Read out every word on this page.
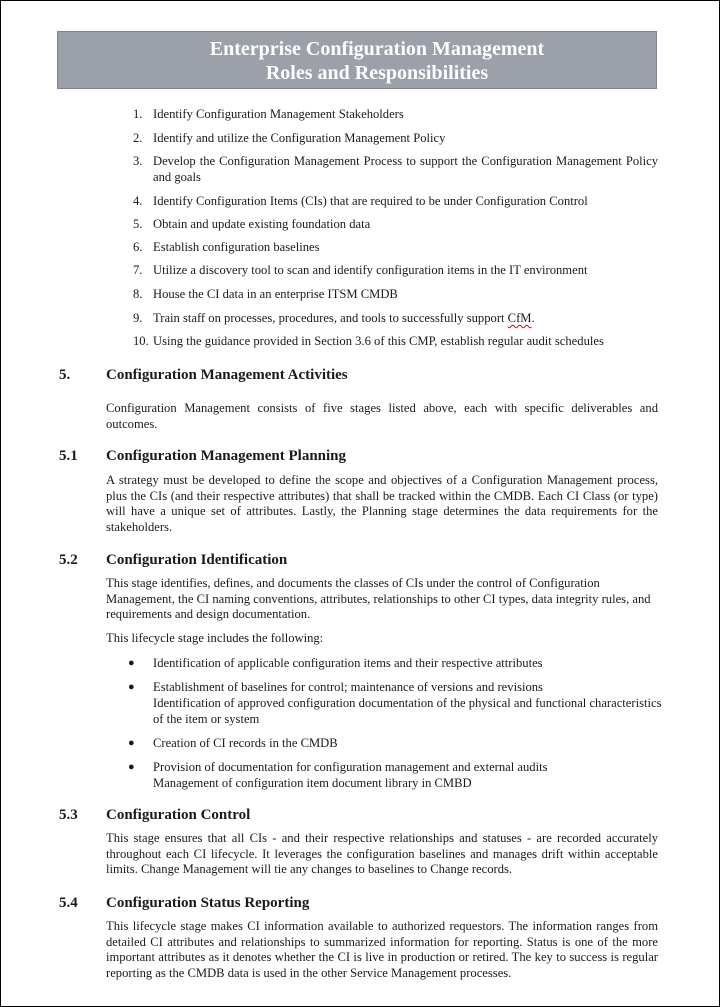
Enterprise Configuration Management
Roles and Responsibilities
1. Identify Configuration Management Stakeholders
2. Identify and utilize the Configuration Management Policy
3. Develop the Configuration Management Process to support the Configuration Management Policy and goals
4. Identify Configuration Items (CIs) that are required to be under Configuration Control
5. Obtain and update existing foundation data
6. Establish configuration baselines
7. Utilize a discovery tool to scan and identify configuration items in the IT environment
8. House the CI data in an enterprise ITSM CMDB
9. Train staff on processes, procedures, and tools to successfully support CfM.
10. Using the guidance provided in Section 3.6 of this CMP, establish regular audit schedules
5.	Configuration Management Activities
Configuration Management consists of five stages listed above, each with specific deliverables and outcomes.
5.1	Configuration Management Planning
A strategy must be developed to define the scope and objectives of a Configuration Management process, plus the CIs (and their respective attributes) that shall be tracked within the CMDB. Each CI Class (or type) will have a unique set of attributes. Lastly, the Planning stage determines the data requirements for the stakeholders.
5.2	Configuration Identification
This stage identifies, defines, and documents the classes of CIs under the control of Configuration Management, the CI naming conventions, attributes, relationships to other CI types, data integrity rules, and requirements and design documentation.
This lifecycle stage includes the following:
●	Identification of applicable configuration items and their respective attributes
●	Establishment of baselines for control; maintenance of versions and revisions
Identification of approved configuration documentation of the physical and functional characteristics of the item or system
●	Creation of CI records in the CMDB
●	Provision of documentation for configuration management and external audits
Management of configuration item document library in CMBD
5.3	Configuration Control
This stage ensures that all CIs - and their respective relationships and statuses - are recorded accurately throughout each CI lifecycle. It leverages the configuration baselines and manages drift within acceptable limits. Change Management will tie any changes to baselines to Change records.
5.4	Configuration Status Reporting
This lifecycle stage makes CI information available to authorized requestors. The information ranges from detailed CI attributes and relationships to summarized information for reporting. Status is one of the more important attributes as it denotes whether the CI is live in production or retired. The key to success is regular reporting as the CMDB data is used in the other Service Management processes.
